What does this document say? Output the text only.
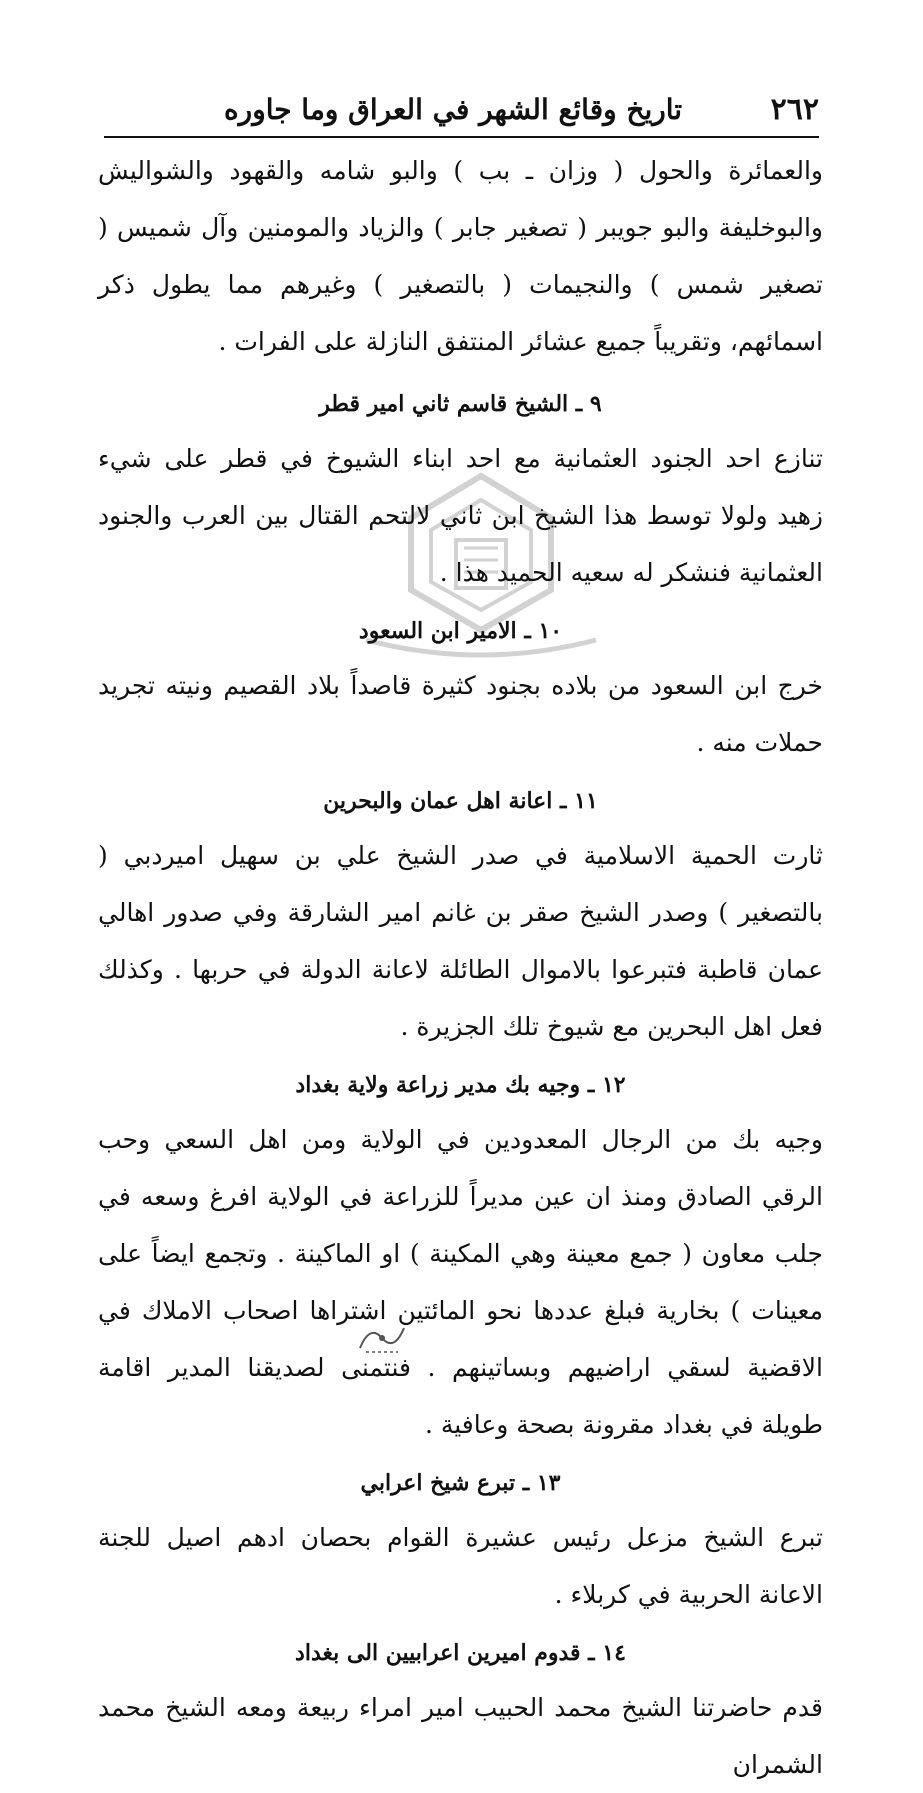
٢٦٢
تاريخ وقائع الشهر في العراق وما جاوره

والعمائرة والحول ( وزان ـ بب ) والبو شامه والقهود والشواليش والبوخليفة والبو جويبر ( تصغير جابر ) والزياد والمومنين وآل شميس ( تصغير شمس ) والنجيمات ( بالتصغير ) وغيرهم مما يطول ذكر اسمائهم، وتقريباً جميع عشائر المنتفق النازلة على الفرات .

٩ ـ الشيخ قاسم ثاني امير قطر

تنازع احد الجنود العثمانية مع احد ابناء الشيوخ في قطر على شيء زهيد ولولا توسط هذا الشيخ ابن ثاني لالتحم القتال بين العرب والجنود العثمانية فنشكر له سعيه الحميد هذا .

١٠ ـ الامير ابن السعود

خرج ابن السعود من بلاده بجنود كثيرة قاصداً بلاد القصيم ونيته تجريد حملات منه .

١١ ـ اعانة اهل عمان والبحرين

ثارت الحمية الاسلامية في صدر الشيخ علي بن سهيل اميردبي ( بالتصغير ) وصدر الشيخ صقر بن غانم امير الشارقة وفي صدور اهالي عمان قاطبة فتبرعوا بالاموال الطائلة لاعانة الدولة في حربها . وكذلك فعل اهل البحرين مع شيوخ تلك الجزيرة .

١٢ ـ وجيه بك مدير زراعة ولاية بغداد

وجيه بك من الرجال المعدودين في الولاية ومن اهل السعي وحب الرقي الصادق ومنذ ان عين مديراً للزراعة في الولاية افرغ وسعه في جلب معاون ( جمع معينة وهي المكينة ) او الماكينة . وتجمع ايضاً على معينات ) بخارية فبلغ عددها نحو المائتين اشتراها اصحاب الاملاك في الاقضية لسقي اراضيهم وبساتينهم . فنتمنى لصديقنا المدير اقامة طويلة في بغداد مقرونة بصحة وعافية .

١٣ ـ تبرع شيخ اعرابي

تبرع الشيخ مزعل رئيس عشيرة القوام بحصان ادهم اصيل للجنة الاعانة الحربية في كربلاء .

١٤ ـ قدوم اميرين اعرابيين الى بغداد

قدم حاضرتنا الشيخ محمد الحبيب امير امراء ربيعة ومعه الشيخ محمد الشمران
